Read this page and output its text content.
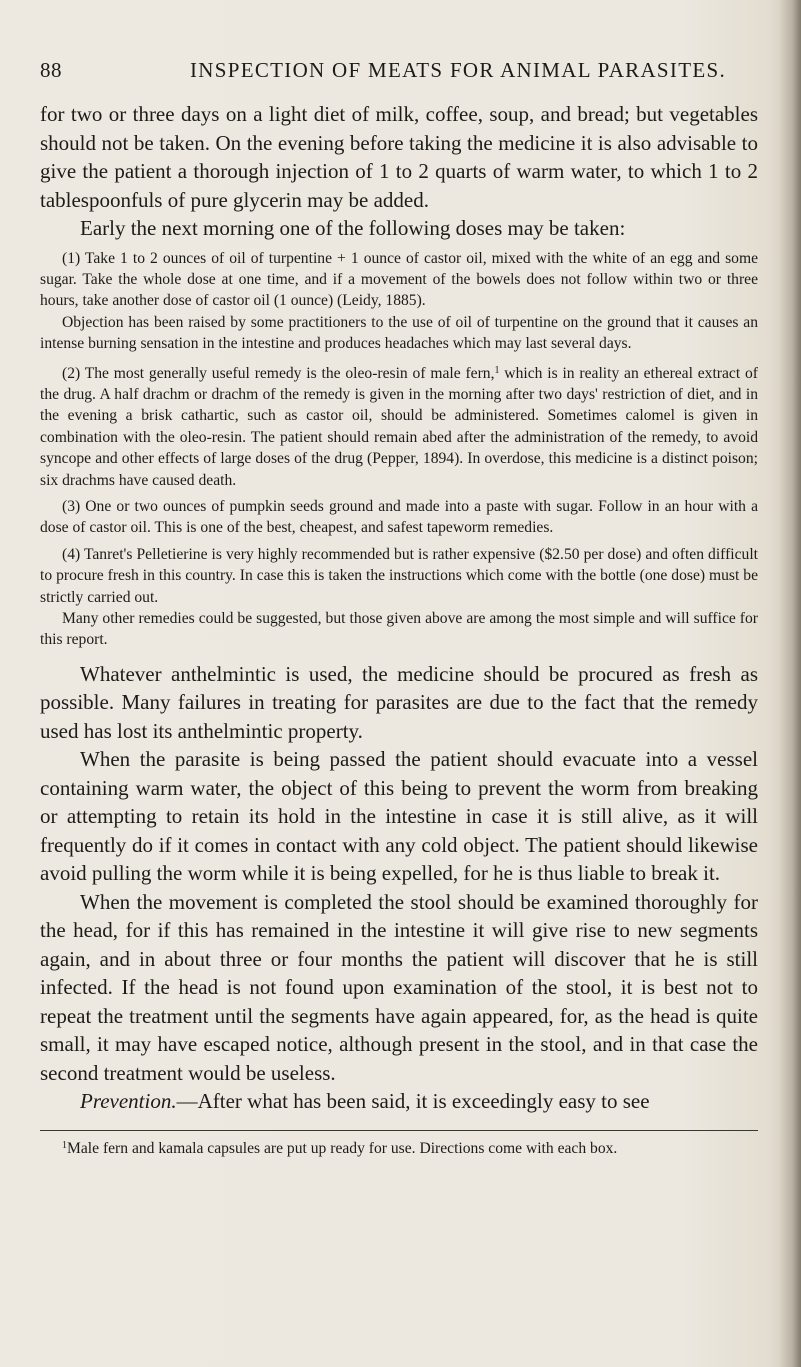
88	INSPECTION OF MEATS FOR ANIMAL PARASITES.

for two or three days on a light diet of milk, coffee, soup, and bread; but vegetables should not be taken. On the evening before taking the medicine it is also advisable to give the patient a thorough injection of 1 to 2 quarts of warm water, to which 1 to 2 tablespoonfuls of pure glycerin may be added.

Early the next morning one of the following doses may be taken:

(1) Take 1 to 2 ounces of oil of turpentine + 1 ounce of castor oil, mixed with the white of an egg and some sugar. Take the whole dose at one time, and if a movement of the bowels does not follow within two or three hours, take another dose of castor oil (1 ounce) (Leidy, 1885).

Objection has been raised by some practitioners to the use of oil of turpentine on the ground that it causes an intense burning sensation in the intestine and produces headaches which may last several days.

(2) The most generally useful remedy is the oleo-resin of male fern,$^1$ which is in reality an ethereal extract of the drug. A half drachm or drachm of the remedy is given in the morning after two days' restriction of diet, and in the evening a brisk cathartic, such as castor oil, should be administered. Sometimes calomel is given in combination with the oleo-resin. The patient should remain abed after the administration of the remedy, to avoid syncope and other effects of large doses of the drug (Pepper, 1894). In overdose, this medicine is a distinct poison; six drachms have caused death.

(3) One or two ounces of pumpkin seeds ground and made into a paste with sugar. Follow in an hour with a dose of castor oil. This is one of the best, cheapest, and safest tapeworm remedies.

(4) Tanret's Pelletierine is very highly recommended but is rather expensive ($2.50 per dose) and often difficult to procure fresh in this country. In case this is taken the instructions which come with the bottle (one dose) must be strictly carried out.

Many other remedies could be suggested, but those given above are among the most simple and will suffice for this report.

Whatever anthelmintic is used, the medicine should be procured as fresh as possible. Many failures in treating for parasites are due to the fact that the remedy used has lost its anthelmintic property.

When the parasite is being passed the patient should evacuate into a vessel containing warm water, the object of this being to prevent the worm from breaking or attempting to retain its hold in the intestine in case it is still alive, as it will frequently do if it comes in contact with any cold object. The patient should likewise avoid pulling the worm while it is being expelled, for he is thus liable to break it.

When the movement is completed the stool should be examined thoroughly for the head, for if this has remained in the intestine it will give rise to new segments again, and in about three or four months the patient will discover that he is still infected. If the head is not found upon examination of the stool, it is best not to repeat the treatment until the segments have again appeared, for, as the head is quite small, it may have escaped notice, although present in the stool, and in that case the second treatment would be useless.

Prevention.—After what has been said, it is exceedingly easy to see

$^1$Male fern and kamala capsules are put up ready for use. Directions come with each box.
